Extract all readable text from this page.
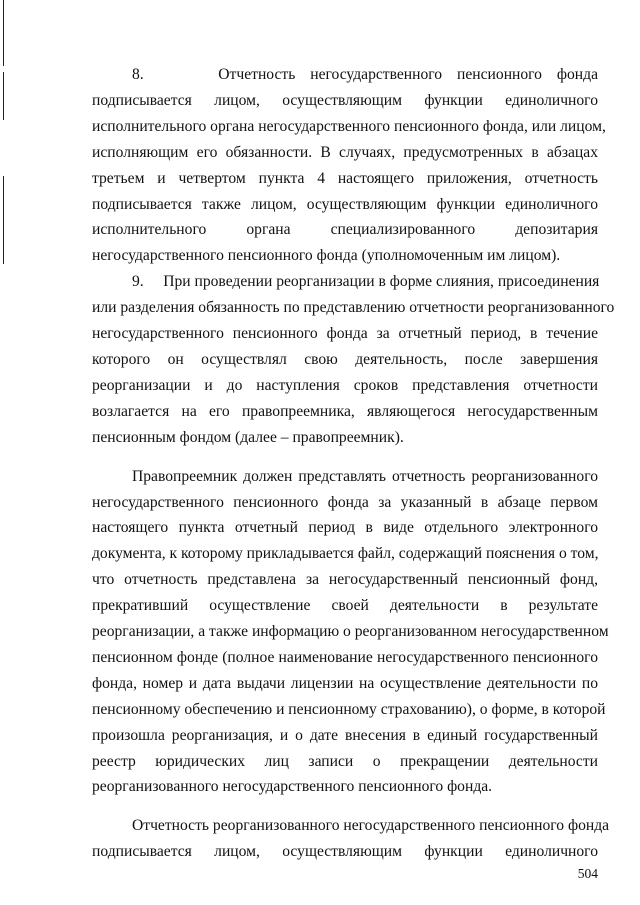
8.     Отчетность негосударственного пенсионного фонда
подписывается лицом, осуществляющим функции единоличного
исполнительного органа негосударственного пенсионного фонда, или лицом,
исполняющим его обязанности. В случаях, предусмотренных в абзацах
третьем и четвертом пункта 4 настоящего приложения, отчетность
подписывается также лицом, осуществляющим функции единоличного
исполнительного органа специализированного депозитария
негосударственного пенсионного фонда (уполномоченным им лицом).

9.     При проведении реорганизации в форме слияния, присоединения
или разделения обязанность по представлению отчетности реорганизованного
негосударственного пенсионного фонда за отчетный период, в течение
которого он осуществлял свою деятельность, после завершения
реорганизации и до наступления сроков представления отчетности
возлагается на его правопреемника, являющегося негосударственным
пенсионным фондом (далее – правопреемник).

Правопреемник должен представлять отчетность реорганизованного
негосударственного пенсионного фонда за указанный в абзаце первом
настоящего пункта отчетный период в виде отдельного электронного
документа, к которому прикладывается файл, содержащий пояснения о том,
что отчетность представлена за негосударственный пенсионный фонд,
прекративший осуществление своей деятельности в результате
реорганизации, а также информацию о реорганизованном негосударственном
пенсионном фонде (полное наименование негосударственного пенсионного
фонда, номер и дата выдачи лицензии на осуществление деятельности по
пенсионному обеспечению и пенсионному страхованию), о форме, в которой
произошла реорганизация, и о дате внесения в единый государственный
реестр юридических лиц записи о прекращении деятельности
реорганизованного негосударственного пенсионного фонда.

Отчетность реорганизованного негосударственного пенсионного фонда
подписывается лицом, осуществляющим функции единоличного

504
